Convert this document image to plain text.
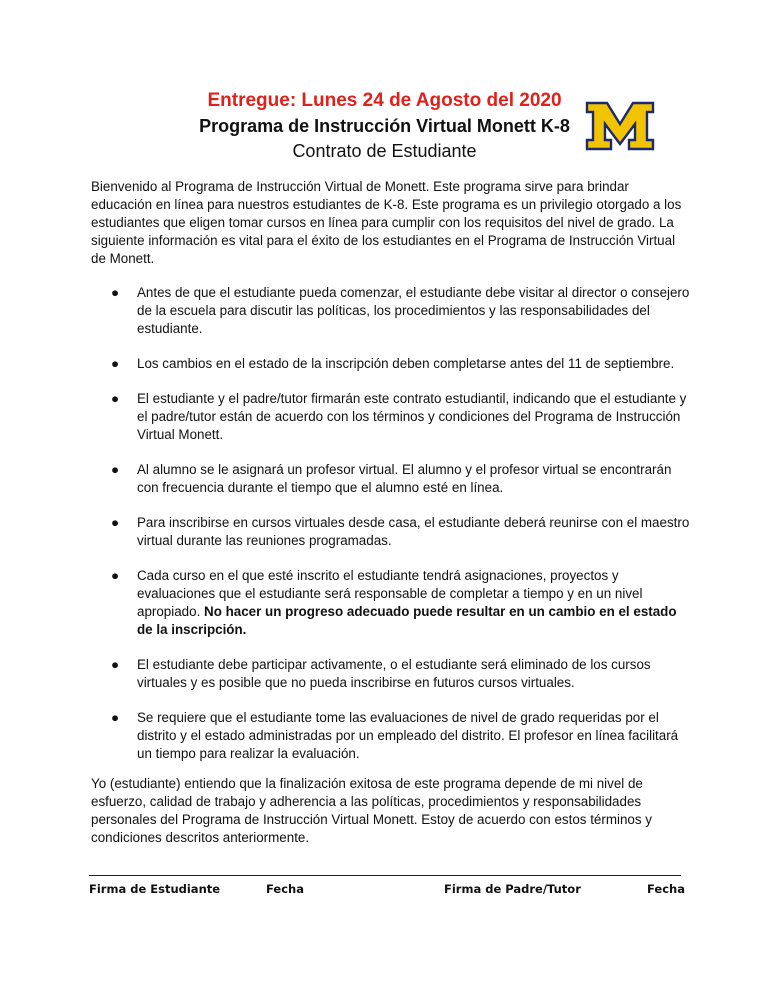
Entregue: Lunes 24 de Agosto del 2020
Programa de Instrucción Virtual Monett K-8
Contrato de Estudiante

Bienvenido al Programa de Instrucción Virtual de Monett. Este programa sirve para brindar educación en línea para nuestros estudiantes de K-8. Este programa es un privilegio otorgado a los estudiantes que eligen tomar cursos en línea para cumplir con los requisitos del nivel de grado. La siguiente información es vital para el éxito de los estudiantes en el Programa de Instrucción Virtual de Monett.

● Antes de que el estudiante pueda comenzar, el estudiante debe visitar al director o consejero de la escuela para discutir las políticas, los procedimientos y las responsabilidades del estudiante.
● Los cambios en el estado de la inscripción deben completarse antes del 11 de septiembre.
● El estudiante y el padre/tutor firmarán este contrato estudiantil, indicando que el estudiante y el padre/tutor están de acuerdo con los términos y condiciones del Programa de Instrucción Virtual Monett.
● Al alumno se le asignará un profesor virtual. El alumno y el profesor virtual se encontrarán con frecuencia durante el tiempo que el alumno esté en línea.
● Para inscribirse en cursos virtuales desde casa, el estudiante deberá reunirse con el maestro virtual durante las reuniones programadas.
● Cada curso en el que esté inscrito el estudiante tendrá asignaciones, proyectos y evaluaciones que el estudiante será responsable de completar a tiempo y en un nivel apropiado. No hacer un progreso adecuado puede resultar en un cambio en el estado de la inscripción.
● El estudiante debe participar activamente, o el estudiante será eliminado de los cursos virtuales y es posible que no pueda inscribirse en futuros cursos virtuales.
● Se requiere que el estudiante tome las evaluaciones de nivel de grado requeridas por el distrito y el estado administradas por un empleado del distrito. El profesor en línea facilitará un tiempo para realizar la evaluación.

Yo (estudiante) entiendo que la finalización exitosa de este programa depende de mi nivel de esfuerzo, calidad de trabajo y adherencia a las políticas, procedimientos y responsabilidades personales del Programa de Instrucción Virtual Monett. Estoy de acuerdo con estos términos y condiciones descritos anteriormente.

Firma de Estudiante	Fecha	Firma de Padre/Tutor	Fecha
